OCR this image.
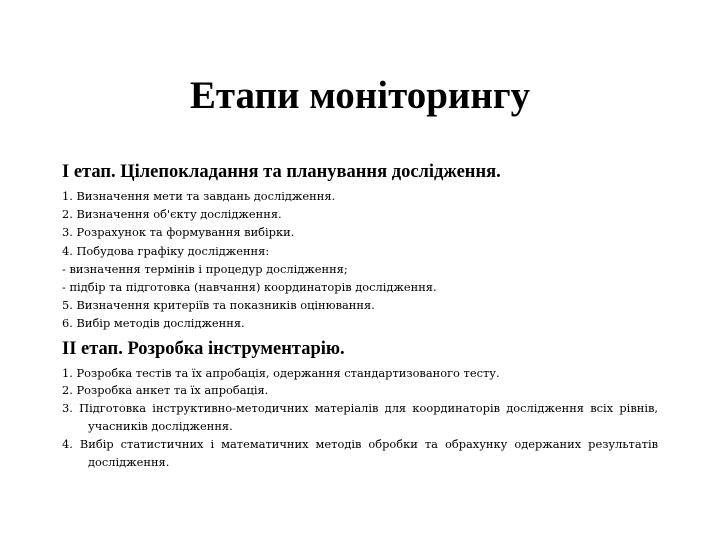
Етапи моніторингу

І етап. Цілепокладання та планування дослідження.

1. Визначення мети та завдань дослідження.
2. Визначення об'єкту дослідження.
3. Розрахунок та формування вибірки.
4. Побудова графіку дослідження:
- визначення термінів і процедур дослідження;
- підбір та підготовка (навчання) координаторів дослідження.
5. Визначення критеріїв та показників оцінювання.
6. Вибір методів дослідження.

ІІ етап. Розробка інструментарію.

1. Розробка тестів та їх апробація, одержання стандартизованого тесту.
2. Розробка анкет та їх апробація.
3. Підготовка інструктивно-методичних матеріалів для координаторів дослідження всіх рівнів, учасників дослідження.
4. Вибір статистичних і математичних методів обробки та обрахунку одержаних результатів дослідження.
